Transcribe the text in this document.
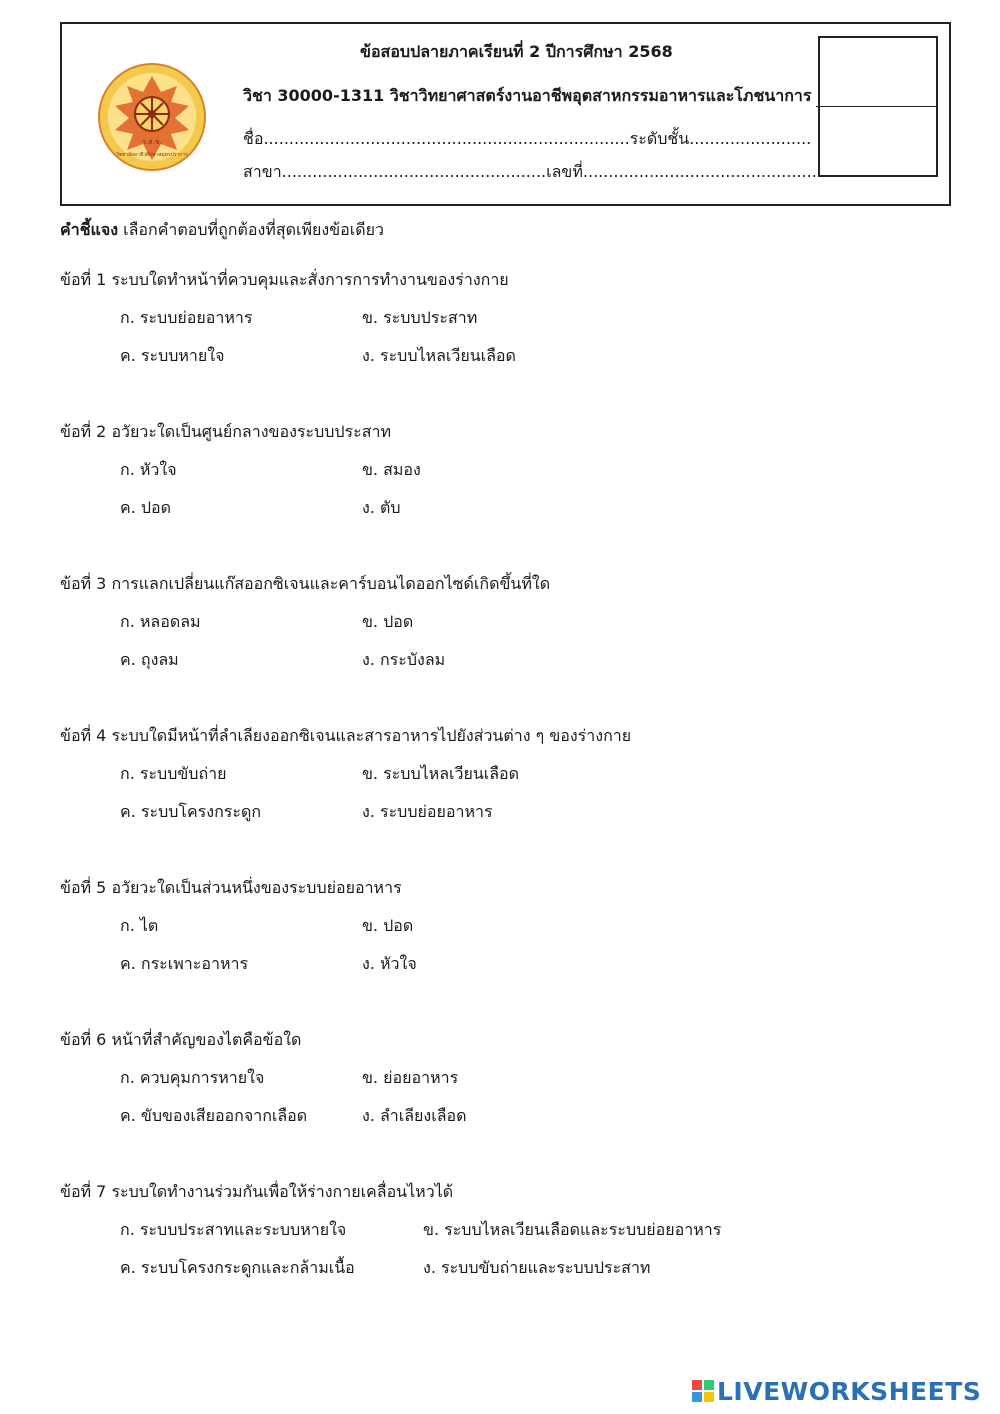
ร.ส.ช.
วิทยาลัยอาชีวศึกษาสมุทรปราการ
ข้อสอบปลายภาคเรียนที่ 2 ปีการศึกษา 2568
วิชา 30000-1311 วิชาวิทยาศาสตร์งานอาชีพอุตสาหกรรมอาหารและโภชนาการ
ชื่อ........................................................................ระดับชั้น........................
สาขา....................................................เลขที่...............................................
คำชี้แจง เลือกคำตอบที่ถูกต้องที่สุดเพียงข้อเดียว
ข้อที่ 1 ระบบใดทำหน้าที่ควบคุมและสั่งการการทำงานของร่างกาย
ก. ระบบย่อยอาหาร	ข. ระบบประสาท
ค. ระบบหายใจ	ง. ระบบไหลเวียนเลือด
ข้อที่ 2 อวัยวะใดเป็นศูนย์กลางของระบบประสาท
ก. หัวใจ	ข. สมอง
ค. ปอด	ง. ตับ
ข้อที่ 3 การแลกเปลี่ยนแก๊สออกซิเจนและคาร์บอนไดออกไซด์เกิดขึ้นที่ใด
ก. หลอดลม	ข. ปอด
ค. ถุงลม	ง. กระบังลม
ข้อที่ 4 ระบบใดมีหน้าที่ลำเลียงออกซิเจนและสารอาหารไปยังส่วนต่าง ๆ ของร่างกาย
ก. ระบบขับถ่าย	ข. ระบบไหลเวียนเลือด
ค. ระบบโครงกระดูก	ง. ระบบย่อยอาหาร
ข้อที่ 5 อวัยวะใดเป็นส่วนหนึ่งของระบบย่อยอาหาร
ก. ไต	ข. ปอด
ค. กระเพาะอาหาร	ง. หัวใจ
ข้อที่ 6 หน้าที่สำคัญของไตคือข้อใด
ก. ควบคุมการหายใจ	ข. ย่อยอาหาร
ค. ขับของเสียออกจากเลือด	ง. ลำเลียงเลือด
ข้อที่ 7 ระบบใดทำงานร่วมกันเพื่อให้ร่างกายเคลื่อนไหวได้
ก. ระบบประสาทและระบบหายใจ	ข. ระบบไหลเวียนเลือดและระบบย่อยอาหาร
ค. ระบบโครงกระดูกและกล้ามเนื้อ	ง. ระบบขับถ่ายและระบบประสาท
LIVEWORKSHEETS
